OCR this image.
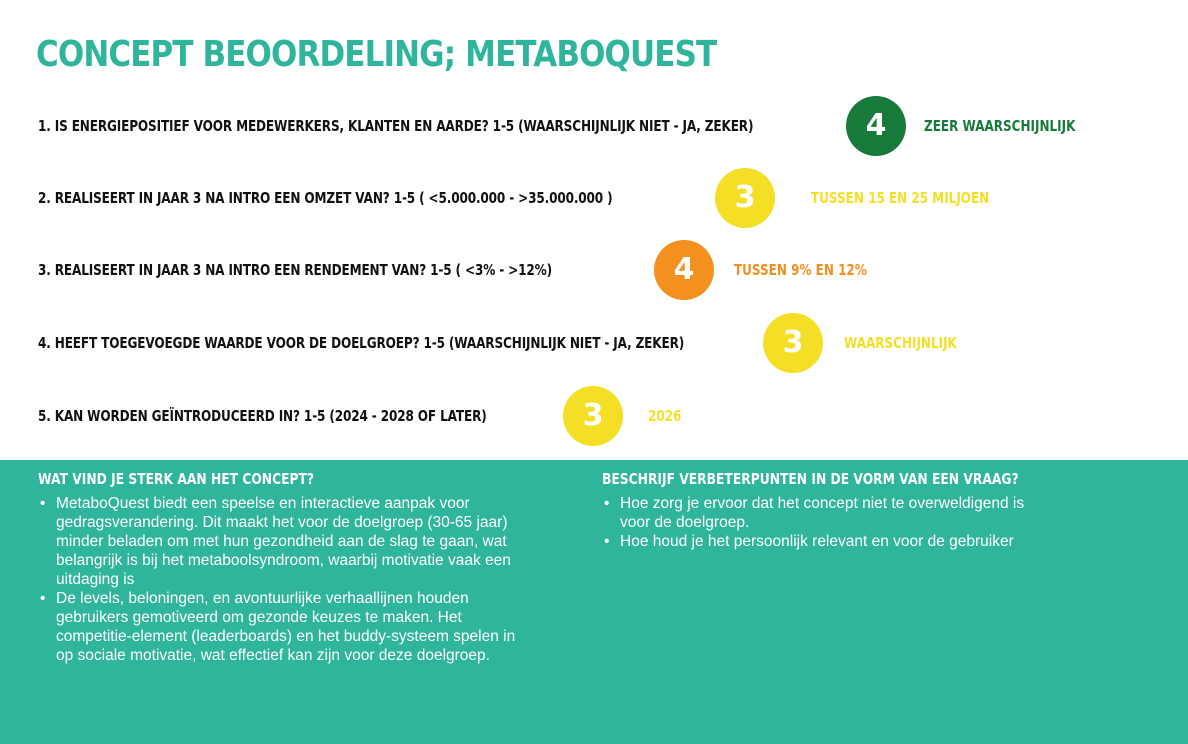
CONCEPT BEOORDELING; METABOQUEST

1. IS ENERGIEPOSITIEF VOOR MEDEWERKERS, KLANTEN EN AARDE? 1-5 (WAARSCHIJNLIJK NIET - JA, ZEKER)	4	ZEER WAARSCHIJNLIJK

2. REALISEERT IN JAAR 3 NA INTRO EEN OMZET VAN? 1-5 ( <5.000.000 - >35.000.000 )	3	TUSSEN 15 EN 25 MILJOEN

3. REALISEERT IN JAAR 3 NA INTRO EEN RENDEMENT VAN? 1-5 ( <3% - >12%)	4	TUSSEN 9% EN 12%

4. HEEFT TOEGEVOEGDE WAARDE VOOR DE DOELGROEP? 1-5 (WAARSCHIJNLIJK NIET - JA, ZEKER)	3	WAARSCHIJNLIJK

5. KAN WORDEN GEÏNTRODUCEERD IN? 1-5 (2024 - 2028 OF LATER)	3	2026
WAT VIND JE STERK AAN HET CONCEPT?
• MetaboQuest biedt een speelse en interactieve aanpak voor gedragsverandering. Dit maakt het voor de doelgroep (30-65 jaar) minder beladen om met hun gezondheid aan de slag te gaan, wat belangrijk is bij het metaboolsyndroom, waarbij motivatie vaak een uitdaging is
• De levels, beloningen, en avontuurlijke verhaallijnen houden gebruikers gemotiveerd om gezonde keuzes te maken. Het competitie-element (leaderboards) en het buddy-systeem spelen in op sociale motivatie, wat effectief kan zijn voor deze doelgroep.
BESCHRIJF VERBETERPUNTEN IN DE VORM VAN EEN VRAAG?
• Hoe zorg je ervoor dat het concept niet te overweldigend is voor de doelgroep.
• Hoe houd je het persoonlijk relevant en voor de gebruiker
